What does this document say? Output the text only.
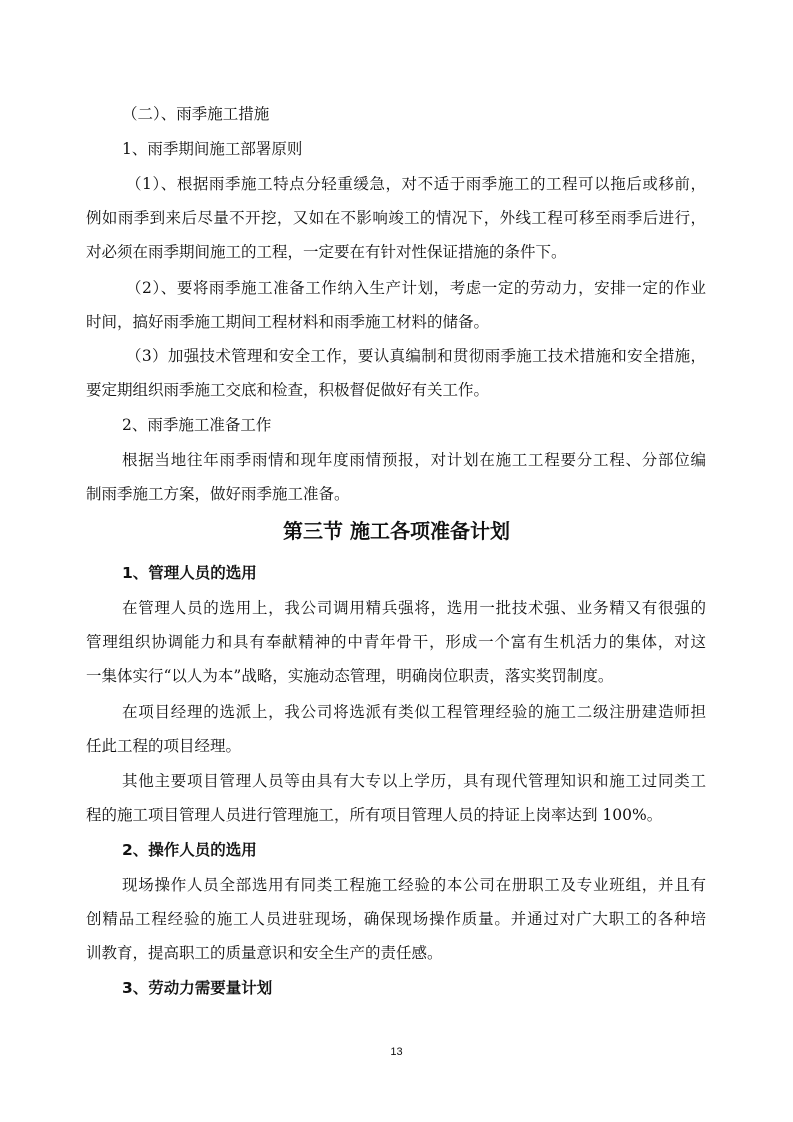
（二）、雨季施工措施
1、雨季期间施工部署原则
（1）、根据雨季施工特点分轻重缓急，对不适于雨季施工的工程可以拖后或移前，
例如雨季到来后尽量不开挖，又如在不影响竣工的情况下，外线工程可移至雨季后进行，
对必须在雨季期间施工的工程，一定要在有针对性保证措施的条件下。
（2）、要将雨季施工准备工作纳入生产计划，考虑一定的劳动力，安排一定的作业
时间，搞好雨季施工期间工程材料和雨季施工材料的储备。
（3）加强技术管理和安全工作，要认真编制和贯彻雨季施工技术措施和安全措施，
要定期组织雨季施工交底和检查，积极督促做好有关工作。
2、雨季施工准备工作
根据当地往年雨季雨情和现年度雨情预报，对计划在施工工程要分工程、分部位编
制雨季施工方案，做好雨季施工准备。
第三节 施工各项准备计划
1、管理人员的选用
在管理人员的选用上，我公司调用精兵强将，选用一批技术强、业务精又有很强的
管理组织协调能力和具有奉献精神的中青年骨干，形成一个富有生机活力的集体，对这
一集体实行“以人为本”战略，实施动态管理，明确岗位职责，落实奖罚制度。
在项目经理的选派上，我公司将选派有类似工程管理经验的施工二级注册建造师担
任此工程的项目经理。
其他主要项目管理人员等由具有大专以上学历，具有现代管理知识和施工过同类工
程的施工项目管理人员进行管理施工，所有项目管理人员的持证上岗率达到 100%。
2、操作人员的选用
现场操作人员全部选用有同类工程施工经验的本公司在册职工及专业班组，并且有
创精品工程经验的施工人员进驻现场，确保现场操作质量。并通过对广大职工的各种培
训教育，提高职工的质量意识和安全生产的责任感。
3、劳动力需要量计划
13
